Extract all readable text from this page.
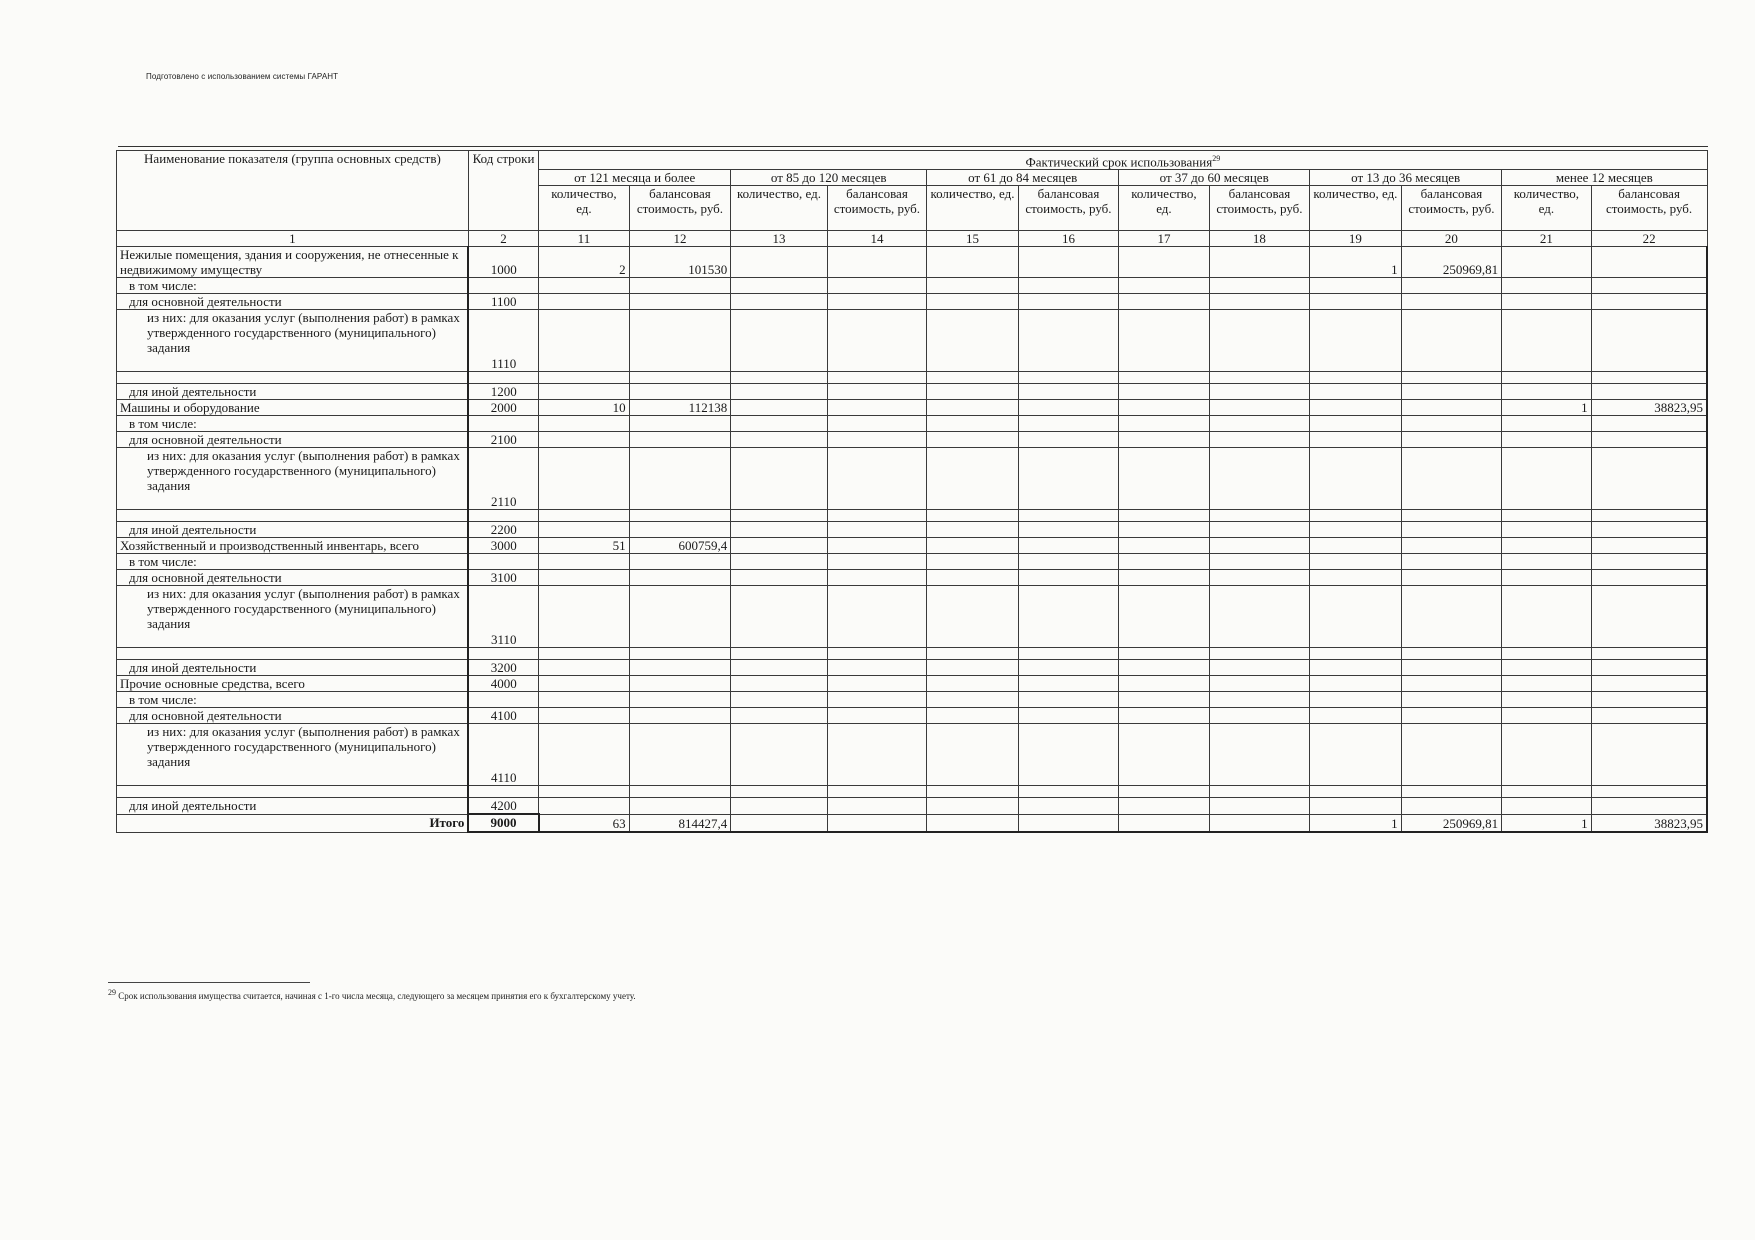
Подготовлено с использованием системы ГАРАНТ
Наименование показателя (группа основных средств)	Код строки	Фактический срок использования$^{29}$
		от 121 месяца и более		от 85 до 120 месяцев		от 61 до 84 месяцев		от 37 до 60 месяцев		от 13 до 36 месяцев		менее 12 месяцев	
		количество, ед.	балансовая стоимость, руб.	количество, ед.	балансовая стоимость, руб.	количество, ед.	балансовая стоимость, руб.	количество, ед.	балансовая стоимость, руб.	количество, ед.	балансовая стоимость, руб.	количество, ед.	балансовая стоимость, руб.
1	2	11	12	13	14	15	16	17	18	19	20	21	22
Нежилые помещения, здания и сооружения, не отнесенные к недвижимому имуществу	1000	2	101530							1	250969,81		
в том числе:													
для основной деятельности	1100												
из них: для оказания услуг (выполнения работ) в рамках утвержденного государственного (муниципального) задания	1110												

для иной деятельности	1200												
Машины и оборудование	2000	10	112138									1	38823,95
в том числе:													
для основной деятельности	2100												
из них: для оказания услуг (выполнения работ) в рамках утвержденного государственного (муниципального) задания	2110												

для иной деятельности	2200												
Хозяйственный и производственный инвентарь, всего	3000	51	600759,4										
в том числе:													
для основной деятельности	3100												
из них: для оказания услуг (выполнения работ) в рамках утвержденного государственного (муниципального) задания	3110												

для иной деятельности	3200												
Прочие основные средства, всего	4000												
в том числе:													
для основной деятельности	4100												
из них: для оказания услуг (выполнения работ) в рамках утвержденного государственного (муниципального) задания	4110												

для иной деятельности	4200												
Итого	9000	63	814427,4							1	250969,81	1	38823,95
$^{29}$ Срок использования имущества считается, начиная с 1-го числа месяца, следующего за месяцем принятия его к бухгалтерскому учету.
